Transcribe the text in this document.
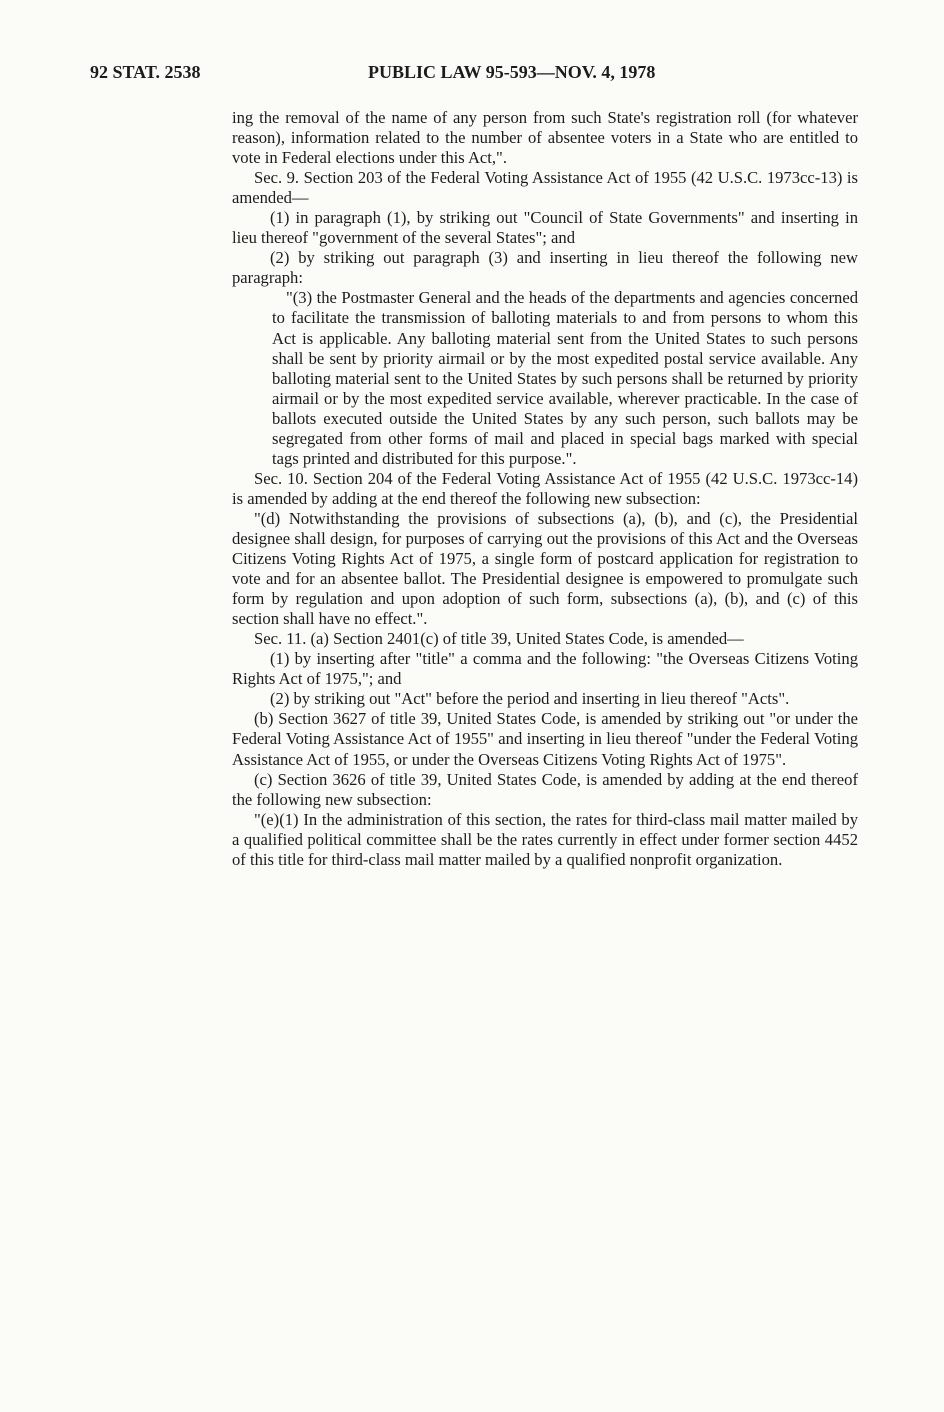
92 STAT. 2538	PUBLIC LAW 95-593—NOV. 4, 1978

ing the removal of the name of any person from such State's registration roll (for whatever reason), information related to the number of absentee voters in a State who are entitled to vote in Federal elections under this Act,".

Sec. 9. Section 203 of the Federal Voting Assistance Act of 1955 (42 U.S.C. 1973cc-13) is amended—

(1) in paragraph (1), by striking out "Council of State Governments" and inserting in lieu thereof "government of the several States"; and

(2) by striking out paragraph (3) and inserting in lieu thereof the following new paragraph:

"(3) the Postmaster General and the heads of the departments and agencies concerned to facilitate the transmission of balloting materials to and from persons to whom this Act is applicable. Any balloting material sent from the United States to such persons shall be sent by priority airmail or by the most expedited postal service available. Any balloting material sent to the United States by such persons shall be returned by priority airmail or by the most expedited service available, wherever practicable. In the case of ballots executed outside the United States by any such person, such ballots may be segregated from other forms of mail and placed in special bags marked with special tags printed and distributed for this purpose.".

Sec. 10. Section 204 of the Federal Voting Assistance Act of 1955 (42 U.S.C. 1973cc-14) is amended by adding at the end thereof the following new subsection:

"(d) Notwithstanding the provisions of subsections (a), (b), and (c), the Presidential designee shall design, for purposes of carrying out the provisions of this Act and the Overseas Citizens Voting Rights Act of 1975, a single form of postcard application for registration to vote and for an absentee ballot. The Presidential designee is empowered to promulgate such form by regulation and upon adoption of such form, subsections (a), (b), and (c) of this section shall have no effect.".

Sec. 11. (a) Section 2401(c) of title 39, United States Code, is amended—

(1) by inserting after "title" a comma and the following: "the Overseas Citizens Voting Rights Act of 1975,"; and

(2) by striking out "Act" before the period and inserting in lieu thereof "Acts".

(b) Section 3627 of title 39, United States Code, is amended by striking out "or under the Federal Voting Assistance Act of 1955" and inserting in lieu thereof "under the Federal Voting Assistance Act of 1955, or under the Overseas Citizens Voting Rights Act of 1975".

(c) Section 3626 of title 39, United States Code, is amended by adding at the end thereof the following new subsection:

"(e)(1) In the administration of this section, the rates for third-class mail matter mailed by a qualified political committee shall be the rates currently in effect under former section 4452 of this title for third-class mail matter mailed by a qualified nonprofit organization.
